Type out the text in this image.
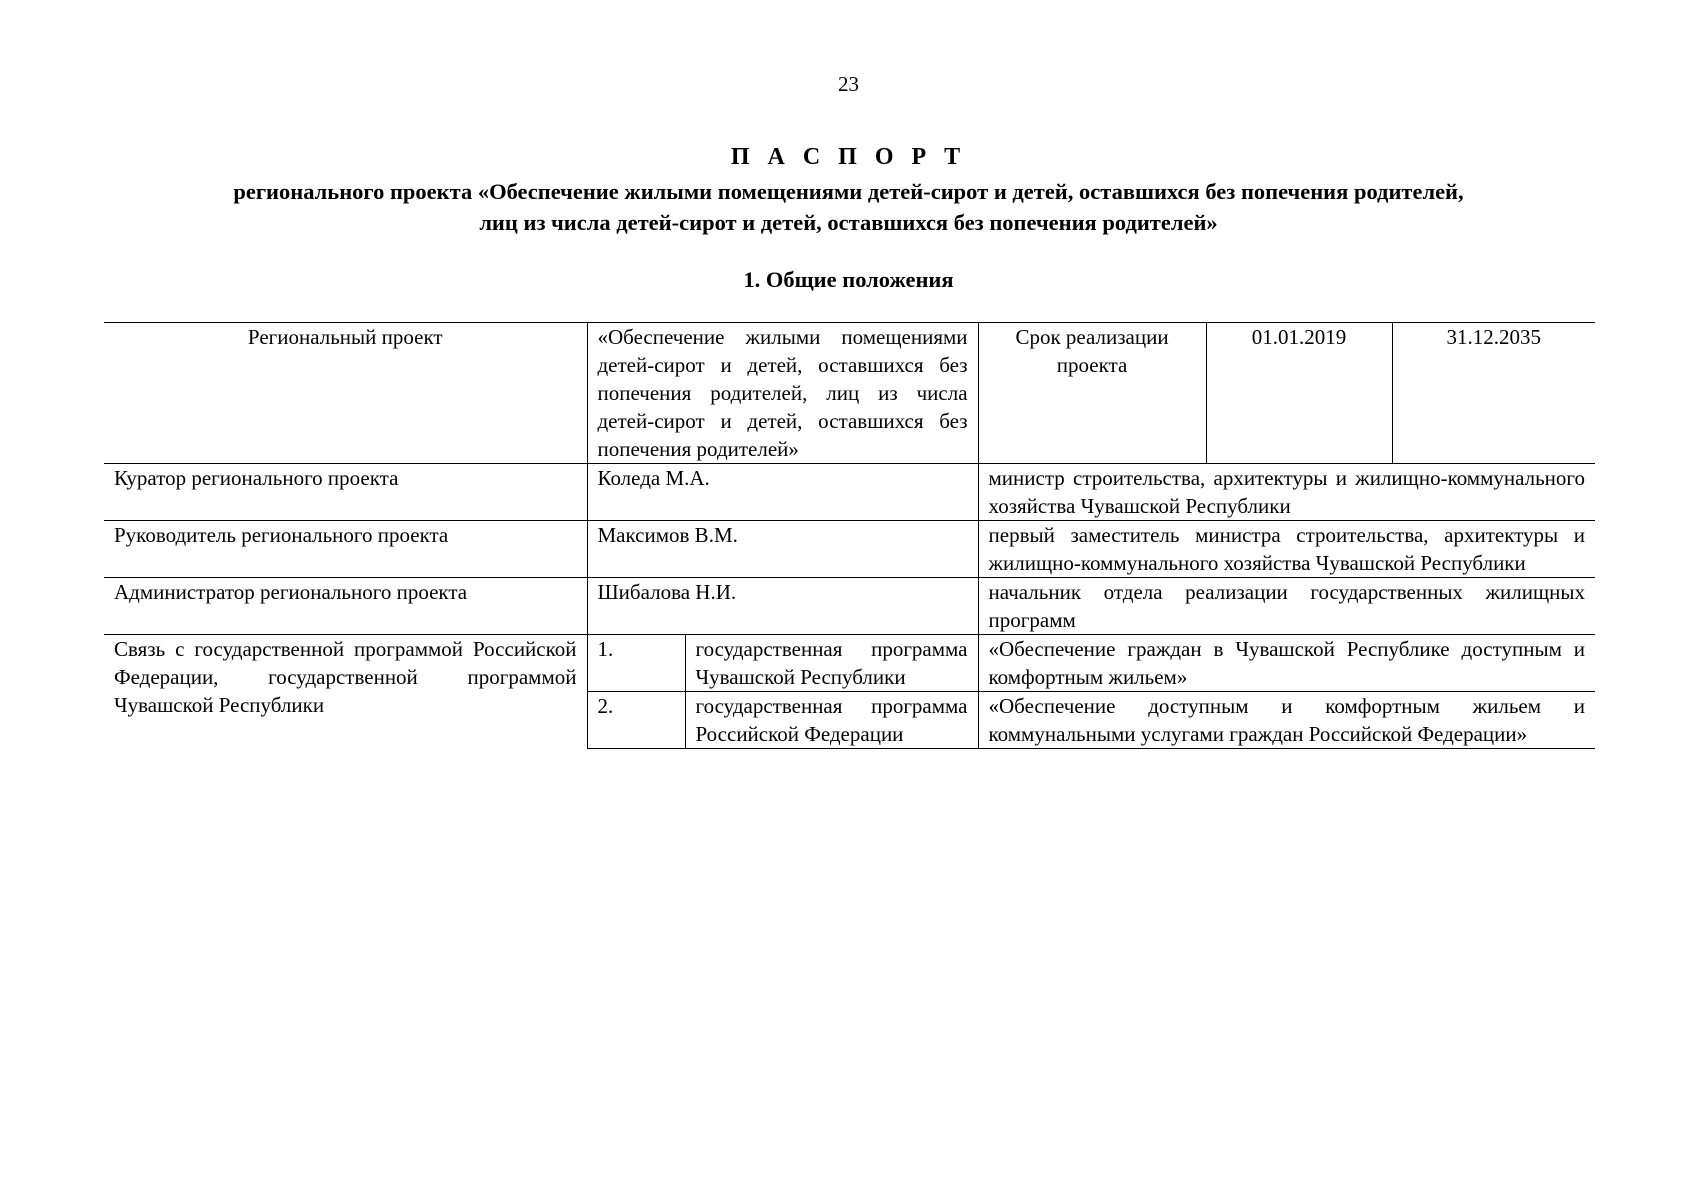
23
П А С П О Р Т
регионального проекта «Обеспечение жилыми помещениями детей-сирот и детей, оставшихся без попечения родителей,
лиц из числа детей-сирот и детей, оставшихся без попечения родителей»
1. Общие положения
Региональный проект	«Обеспечение жилыми помещениями детей-сирот и детей, оставшихся без попечения родителей, лиц из числа детей-сирот и детей, оставшихся без попечения родителей»		Срок реализации проекта	01.01.2019	31.12.2035
Куратор регионального проекта	Коледа М.А.		министр строительства, архитектуры и жилищно-коммунального хозяйства Чувашской Республики		
Руководитель регионального проекта	Максимов В.М.		первый заместитель министра строительства, архитектуры и жилищно-коммунального хозяйства Чувашской Республики		
Администратор регионального проекта	Шибалова Н.И.		начальник отдела реализации государственных жилищных программ		
Связь с государственной программой Российской Федерации, государственной программой Чувашской Республики	1.	государственная программа Чувашской Республики	«Обеспечение граждан в Чувашской Республике доступным и комфортным жильем»		
	2.	государственная программа Российской Федерации	«Обеспечение доступным и комфортным жильем и коммунальными услугами граждан Российской Федерации»		
